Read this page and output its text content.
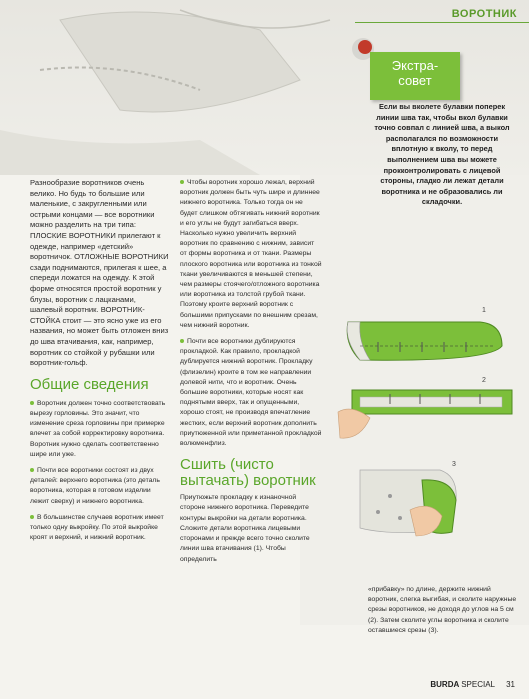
ВОРОТНИК
Экстра-
совет
Если вы вколете булавки поперек линии шва так, чтобы вкол булавки точно совпал с линией шва, а выкол располагался по возможности вплотную к вколу, то перед выполнением шва вы можете прокконтролировать с лицевой стороны, гладко ли лежат детали воротника и не образовались ли складочки.

Разнообразие воротников очень велико. Но будь то большие или маленькие, с закругленными или острыми концами — все воротники можно разделить на три типа: ПЛОСКИЕ ВОРОТНИКИ прилегают к одежде, например «детский» воротничок. ОТЛОЖНЫЕ ВОРОТНИКИ сзади поднимаются, прилегая к шее, а спереди ложатся на одежду. К этой форме относятся простой воротник у блузы, воротник с лацканами, шалевый воротник. ВОРОТНИК-СТОЙКА стоит — это ясно уже из его названия, но может быть отложен вниз до шва втачивания, как, например, воротник со стойкой у рубашки или воротник-гольф.

Общие сведения

Воротник должен точно соответствовать вырезу горловины. Это значит, что изменение среза горловины при примерке влечет за собой корректировку воротника. Воротник нужно сделать соответственно шире или уже.

Почти все воротники состоят из двух деталей: верхнего воротника (это деталь воротника, которая в готовом изделии лежит сверху) и нижнего воротника.

В большинстве случаев воротник имеет только одну выкройку. По этой выкройке кроят и верхний, и нижний воротник.

Чтобы воротник хорошо лежал, верхний воротник должен быть чуть шире и длиннее нижнего воротника. Только тогда он не будет слишком обтягивать нижний воротник и его углы не будут загибаться вверх. Насколько нужно увеличить верхний воротник по сравнению с нижним, зависит от формы воротника и от ткани. Размеры плоского воротника или воротника из тонкой ткани увеличиваются в меньшей степени, чем размеры стоячего/отложного воротника или воротника из толстой грубой ткани. Поэтому кроите верхний воротник с большими припусками по внешним срезам, чем нижний воротник.

Почти все воротники дублируются прокладкой. Как правило, прокладкой дублируется нижний воротник. Прокладку (флизелин) кроите в том же направлении долевой нити, что и воротник. Очень большие воротники, которые носят как поднятыми вверх, так и опущенными, хорошо стоят, не производя впечатление жестких, если верхний воротник дополнить приутюженной или приметанной прокладкой волюменфлиз.

Сшить (чисто вытачать) воротник

Приутюжьте прокладку к изнаночной стороне нижнего воротника. Переведите контуры выкройки на детали воротника. Сложите детали воротника лицевыми сторонами и прежде всего точно сколите линии шва втачивания (1). Чтобы определить

1
2
3

«прибавку» по длине, держите нижний воротник, слегка выгибая, и сколите наружные срезы воротников, не доходя до углов на 5 см (2). Затем сколите углы воротника и сколите оставшиеся срезы (3).

BURDA SPECIAL 31
